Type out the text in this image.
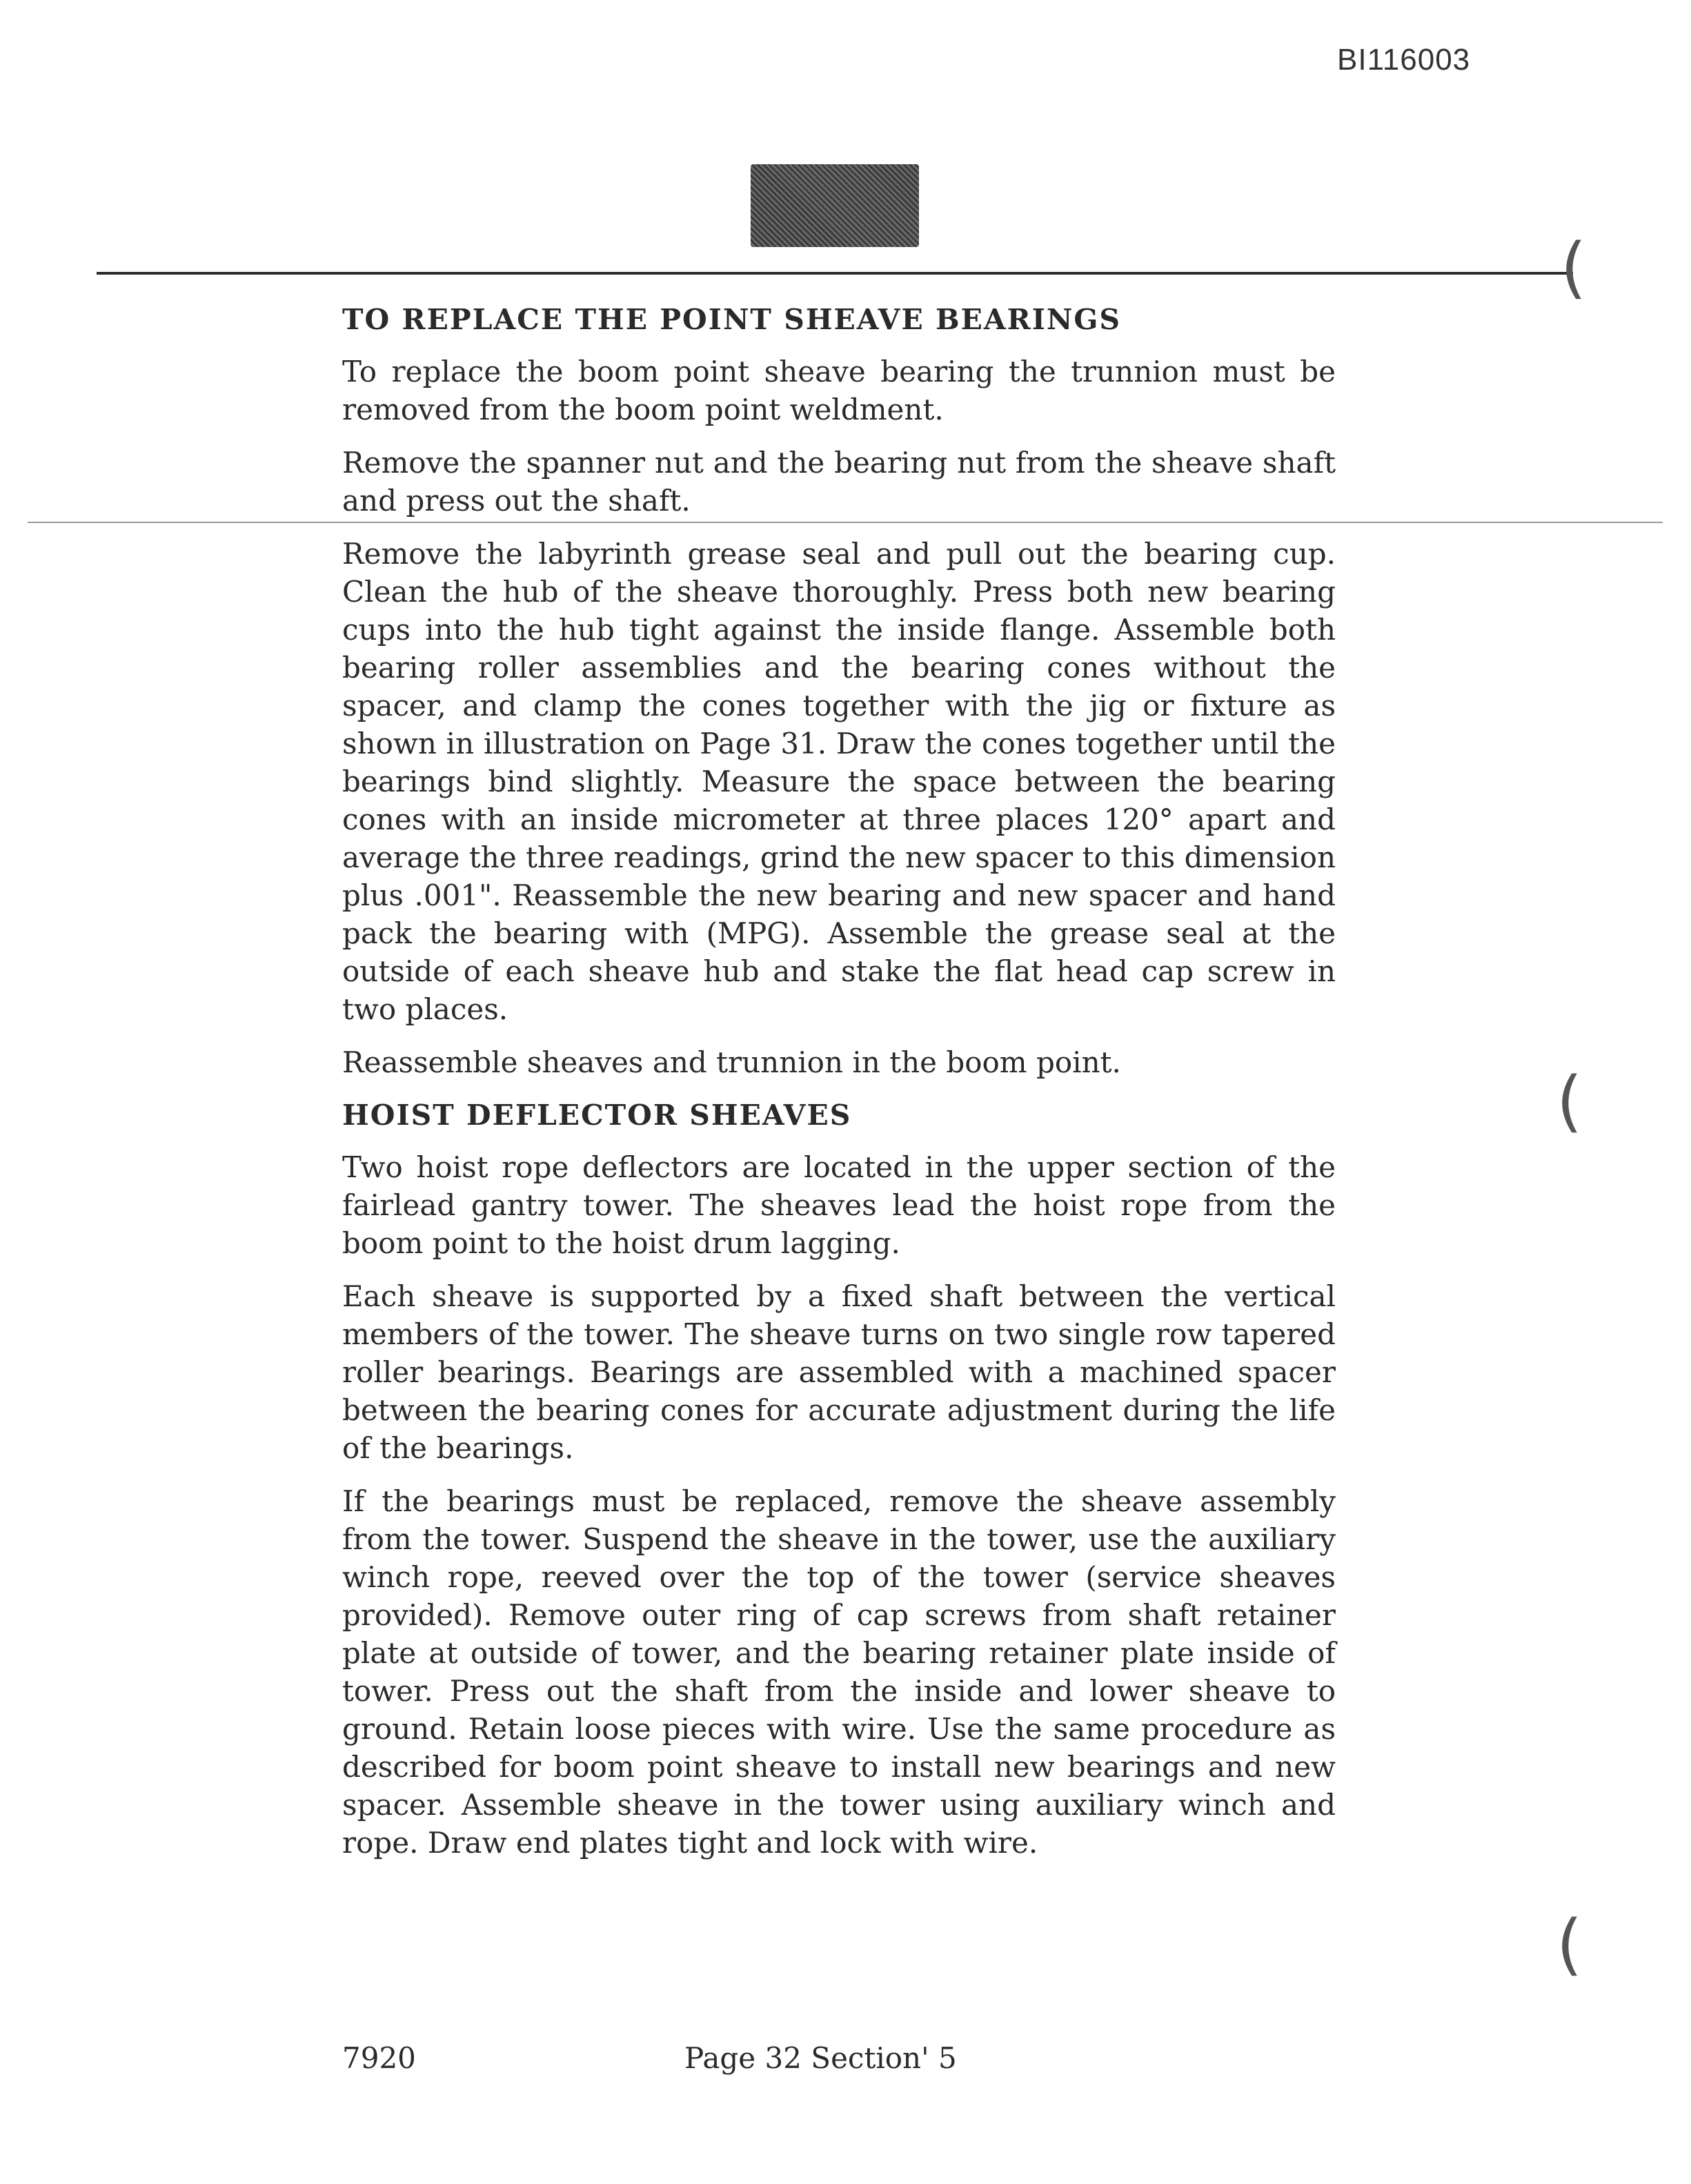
BI116003
(
(
(
TO REPLACE THE POINT SHEAVE BEARINGS

To replace the boom point sheave bearing the trunnion must be removed from the boom point weldment.

Remove the spanner nut and the bearing nut from the sheave shaft and press out the shaft.

Remove the labyrinth grease seal and pull out the bearing cup. Clean the hub of the sheave thoroughly. Press both new bearing cups into the hub tight against the inside flange. Assemble both bearing roller assemblies and the bearing cones without the spacer, and clamp the cones together with the jig or fixture as shown in illustration on Page 31. Draw the cones together until the bearings bind slightly. Measure the space between the bearing cones with an inside micrometer at three places 120° apart and average the three readings, grind the new spacer to this dimension plus .001". Reassemble the new bearing and new spacer and hand pack the bearing with (MPG). Assemble the grease seal at the outside of each sheave hub and stake the flat head cap screw in two places.

Reassemble sheaves and trunnion in the boom point.

HOIST DEFLECTOR SHEAVES

Two hoist rope deflectors are located in the upper section of the fairlead gantry tower. The sheaves lead the hoist rope from the boom point to the hoist drum lagging.

Each sheave is supported by a fixed shaft between the vertical members of the tower. The sheave turns on two single row tapered roller bearings. Bearings are assembled with a machined spacer between the bearing cones for accurate adjustment during the life of the bearings.

If the bearings must be replaced, remove the sheave assembly from the tower. Suspend the sheave in the tower, use the auxiliary winch rope, reeved over the top of the tower (service sheaves provided). Remove outer ring of cap screws from shaft retainer plate at outside of tower, and the bearing retainer plate inside of tower. Press out the shaft from the inside and lower sheave to ground. Retain loose pieces with wire. Use the same procedure as described for boom point sheave to install new bearings and new spacer. Assemble sheave in the tower using auxiliary winch and rope. Draw end plates tight and lock with wire.

7920	Page 32 Section' 5
